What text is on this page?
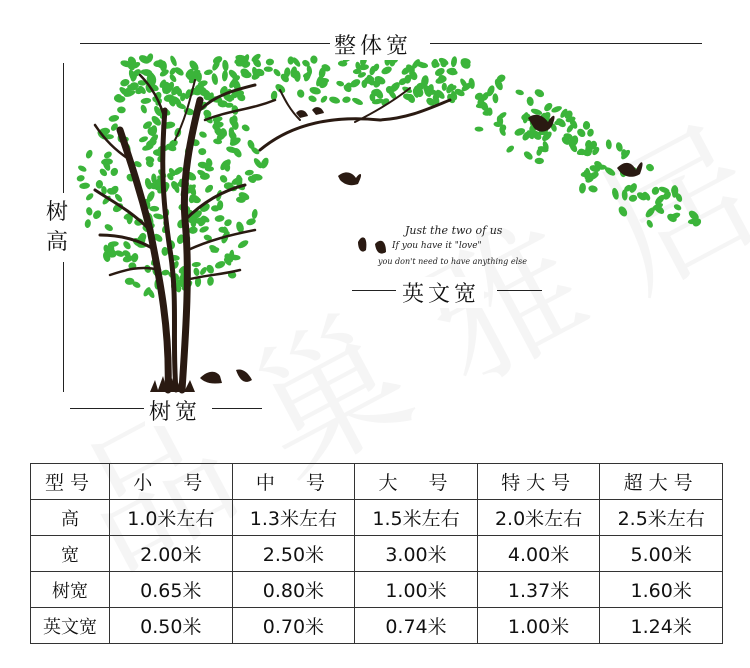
整体宽
树高	Just the two of us
If you have it "love"
you don't need to have anything else
英文宽
树宽
型号	小　号	中　号	大　号	特大号	超大号
高	1.0米左右	1.3米左右	1.5米左右	2.0米左右	2.5米左右
宽	2.00米	2.50米	3.00米	4.00米	5.00米
树宽	0.65米	0.80米	1.00米	1.37米	1.60米
英文宽	0.50米	0.70米	0.74米	1.00米	1.24米
